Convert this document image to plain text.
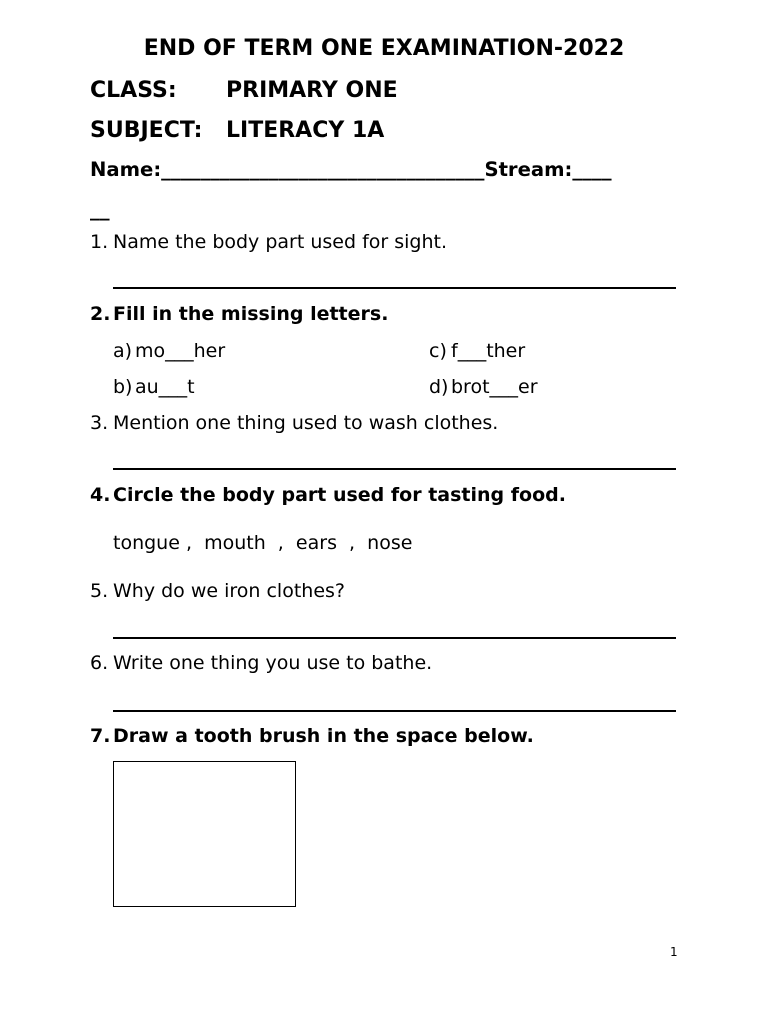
END OF TERM ONE EXAMINATION-2022
CLASS: PRIMARY ONE
SUBJECT: LITERACY 1A
Name:_________________________________Stream:____
__
1. Name the body part used for sight.
2. Fill in the missing letters.
a) mo___her	c) f___ther
b) au___t	d) brot___er
3. Mention one thing used to wash clothes.
4. Circle the body part used for tasting food.
tongue ,  mouth  ,  ears  ,  nose
5. Why do we iron clothes?
6. Write one thing you use to bathe.
7. Draw a tooth brush in the space below.
1
